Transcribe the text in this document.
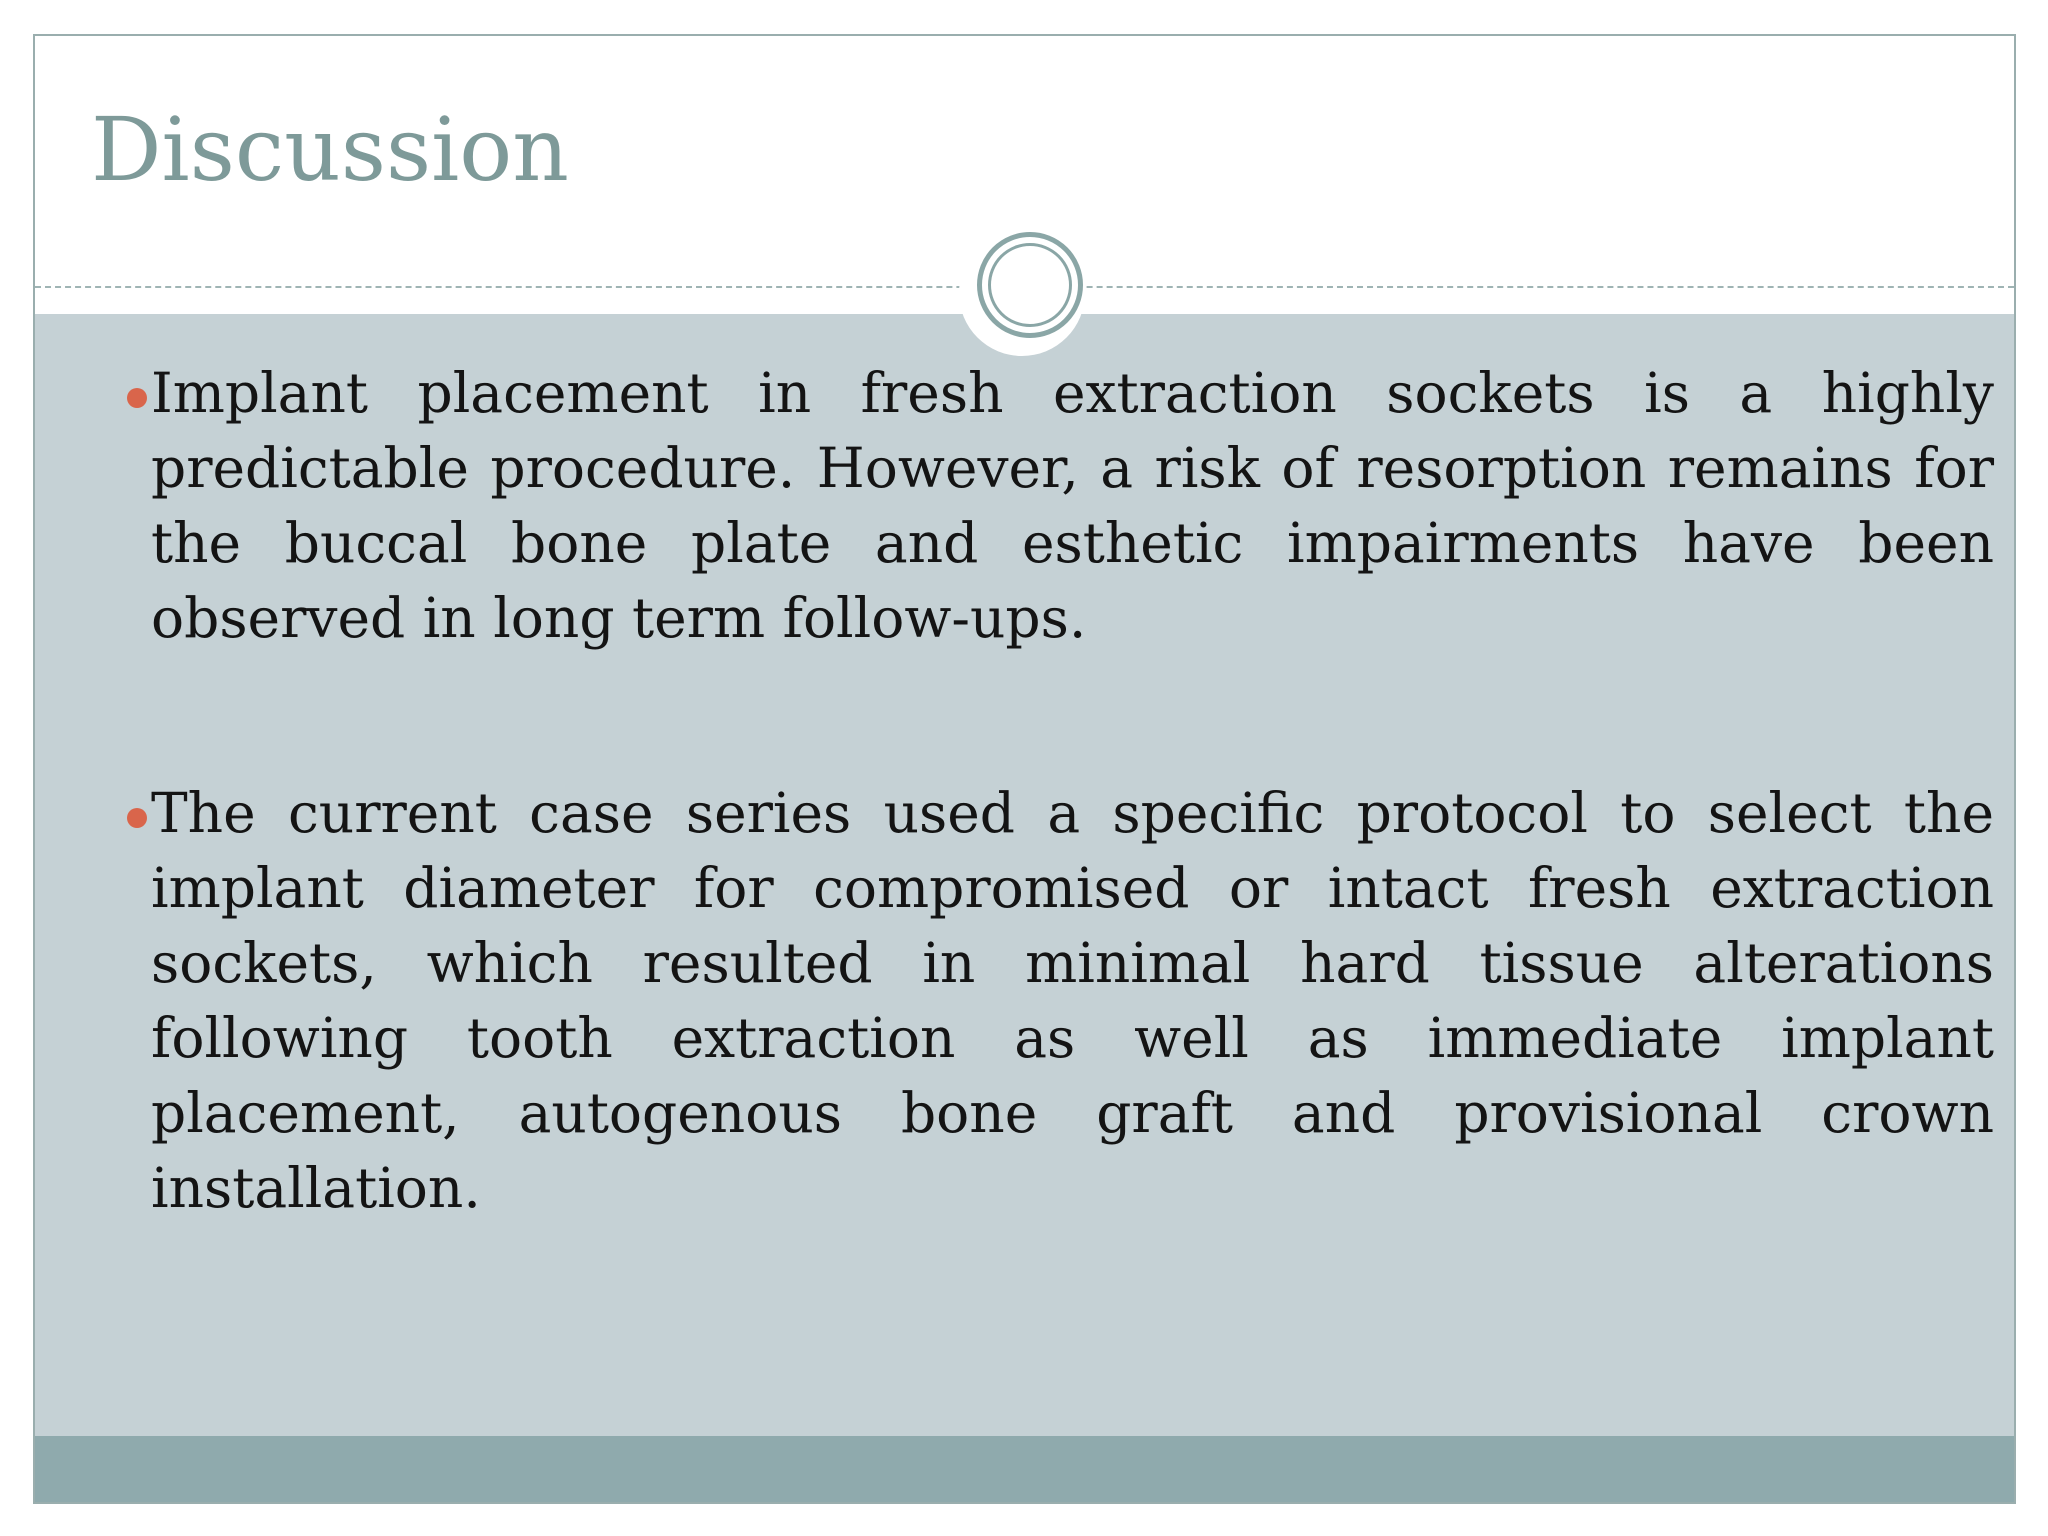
Discussion
Implant placement in fresh extraction sockets is a highly predictable procedure. However, a risk of resorption remains for the buccal bone plate and esthetic impairments have been observed in long term follow-ups.
The current case series used a specific protocol to select the implant diameter for compromised or intact fresh extraction sockets, which resulted in minimal hard tissue alterations following tooth extraction as well as immediate implant placement, autogenous bone graft and provisional crown installation.
